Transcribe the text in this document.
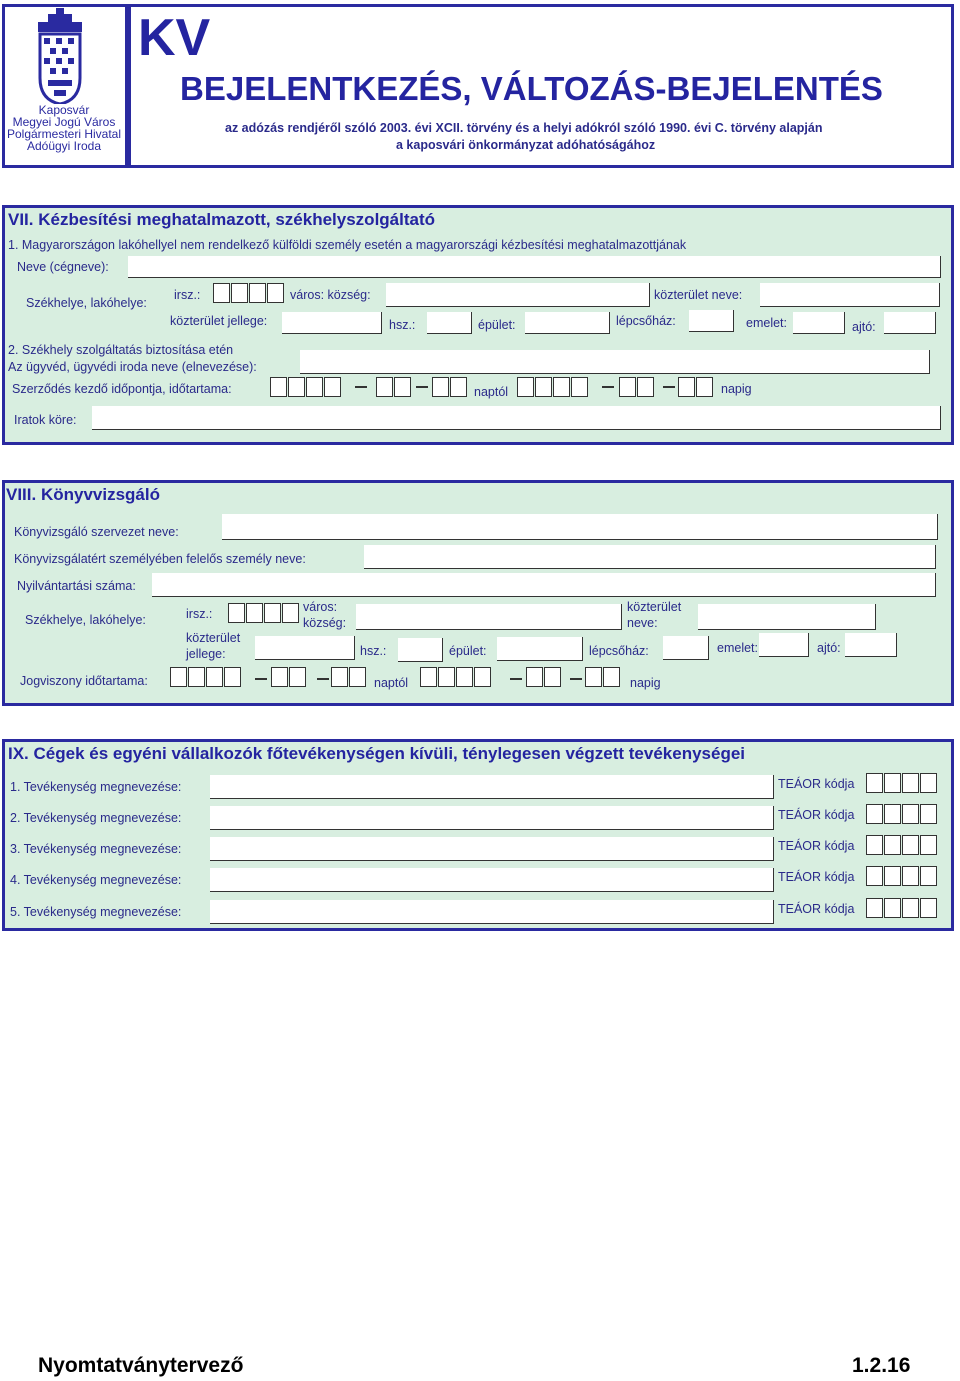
Kaposvár
Megyei Jogú Város
Polgármesteri Hivatal
Adóügyi Iroda
KV
BEJELENTKEZÉS, VÁLTOZÁS-BEJELENTÉS
az adózás rendjéről szóló 2003. évi XCII. törvény és a helyi adókról szóló 1990. évi C. törvény alapján
a kaposvári önkormányzat adóhatóságához
VII. Kézbesítési meghatalmazott, székhelyszolgáltató
1. Magyarországon lakóhellyel nem rendelkező külföldi személy esetén a magyarországi kézbesítési meghatalmazottjának
Neve (cégneve):
Székhelye, lakóhelye:
irsz.:	város: község:	közterület neve:
közterület jellege:	hsz.:	épület:	lépcsőház:	emelet:	ajtó:
2. Székhely szolgáltatás biztosítása etén
Az ügyvéd, ügyvédi iroda neve (elnevezése):
Szerződés kezdő időpontja, időtartama:	naptól	napig
Iratok köre:
VIII. Könyvvizsgáló
Könyvizsgáló szervezet neve:
Könyvizsgálatért személyében felelős személy neve:
Nyilvántartási száma:
Székhelye, lakóhelye:	irsz.:	város:
község:
közterület
neve:
közterület
jellege:	hsz.:	épület:	lépcsőház:	emelet:	ajtó:
Jogviszony időtartama:	naptól	napig
IX. Cégek és egyéni vállalkozók főtevékenységen kívüli, ténylegesen végzett tevékenységei
1. Tevékenység megnevezése:	TEÁOR kódja
2. Tevékenység megnevezése:	TEÁOR kódja
3. Tevékenység megnevezése:	TEÁOR kódja
4. Tevékenység megnevezése:	TEÁOR kódja
5. Tevékenység megnevezése:	TEÁOR kódja
Nyomtatványtervező	1.2.16
